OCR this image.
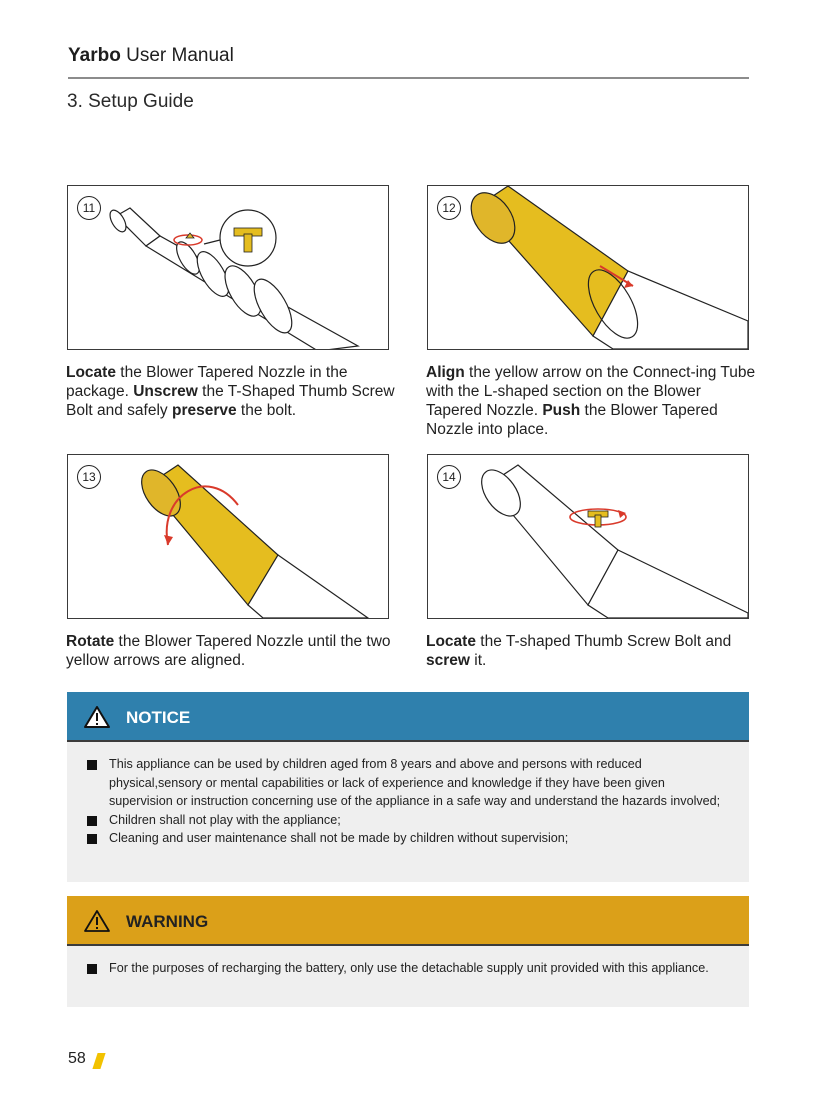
Yarbo User Manual
3. Setup Guide
11
Locate the Blower Tapered Nozzle in the package. Unscrew the T-Shaped Thumb Screw Bolt and safely preserve the bolt.
12
Align the yellow arrow on the Connect-ing Tube with the L-shaped section on the Blower Tapered Nozzle. Push the Blower Tapered Nozzle into place.
13
Rotate the Blower Tapered Nozzle until the two yellow arrows are aligned.
14
Locate the T-shaped Thumb Screw Bolt and screw it.
NOTICE
This appliance can be used by children aged from 8 years and above and persons with reduced physical,sensory or mental capabilities or lack of experience and knowledge if they have been given supervision or instruction concerning use of the appliance in a safe way and understand the hazards involved;
Children shall not play with the appliance;
Cleaning and user maintenance shall not be made by children without supervision;
WARNING
For the purposes of recharging the battery, only use the detachable supply unit provided with this appliance.
58
